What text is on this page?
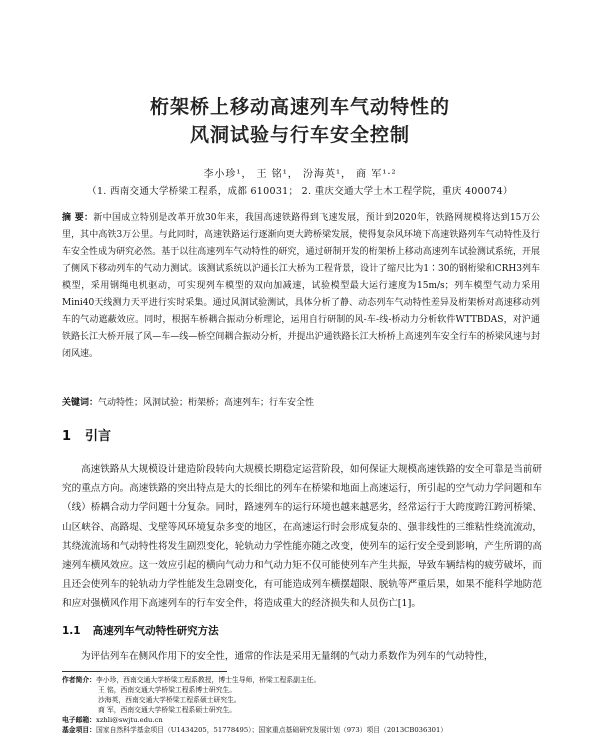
桁架桥上移动高速列车气动特性的
风洞试验与行车安全控制
李小珍¹， 王 铭¹， 汾海英¹， 商 军¹·²
（1. 西南交通大学桥梁工程系，成都 610031； 2. 重庆交通大学土木工程学院，重庆 400074）
摘 要：新中国成立特别是改革开放30年来，我国高速铁路得到飞速发展，预计到2020年，铁路网规模将达到15万公里，其中高铁3万公里。与此同时，高速铁路运行逐渐向更大跨桥梁发展，使得复杂风环境下高速铁路列车气动特性及行车安全性成为研究必然。基于以往高速列车气动特性的研究，通过研制开发的桁架桥上移动高速列车试验测试系统，开展了侧风下移动列车的气动力测试。该测试系统以沪通长江大桥为工程背景，设计了缩尺比为1∶30的钢桁梁和CRH3列车模型，采用钢绳电机驱动，可实现列车模型的双向加减速，试验模型最大运行速度为15m/s；列车模型气动力采用Mini40天线测力天平进行实时采集。通过风洞试验测试，具体分析了静、动态列车气动特性差异及桁架桥对高速移动列车的气动遮蔽效应。同时，根据车桥耦合振动分析理论，运用自行研制的风-车-线-桥动力分析软件WTTBDAS，对沪通铁路长江大桥开展了风—车—线—桥空间耦合振动分析，并提出沪通铁路长江大桥桥上高速列车安全行车的桥梁风速与封闭风速。
关键词：气动特性；风洞试验；桁架桥；高速列车；行车安全性
1 引言
高速铁路从大规模设计建造阶段转向大规模长期稳定运营阶段，如何保证大规模高速铁路的安全可靠是当前研究的重点方向。高速铁路的突出特点是大的长细比的列车在桥梁和地面上高速运行，所引起的空气动力学问题和车（线）桥耦合动力学问题十分复杂。同时，路速列车的运行环境也越来越恶劣，经常运行于大跨度跨江跨河桥梁、山区峡谷、高路堤、戈壁等风环境复杂多变的地区，在高速运行时会形成复杂的、强非线性的三维粘性绕流流动，其绕流流场和气动特性将发生剧烈变化，轮轨动力学性能亦随之改变，使列车的运行安全受到影响，产生所谓的高速列车横风效应。这一效应引起的横向气动力和气动力矩不仅可能使列车产生共振，导致车辆结构的疲劳破坏，而且还会使列车的轮轨动力学性能发生急剧变化，有可能造成列车横摆超限、脱轨等严重后果，如果不能科学地防范和应对强横风作用下高速列车的行车安全件，将造成重大的经济损失和人员伤亡[1]。
1.1 高速列车气动特性研究方法
为评估列车在侧风作用下的安全性，通常的作法是采用无量纲的气动力系数作为列车的气动特性，
作者简介：李小珍，西南交通大学桥梁工程系教授，博士生导师，桥梁工程系副主任。
王 铭，西南交通大学桥梁工程系博士研究生。
沙海英，西南交通大学桥梁工程系硕士研究生。
商 军，西南交通大学桥梁工程系硕士研究生。
电子邮箱：xzhli@swjtu.edu.cn
基金项目：国家自然科学基金项目（U1434205，51778495）；国家重点基础研究发展计划（973）项目（2013CB036301）
